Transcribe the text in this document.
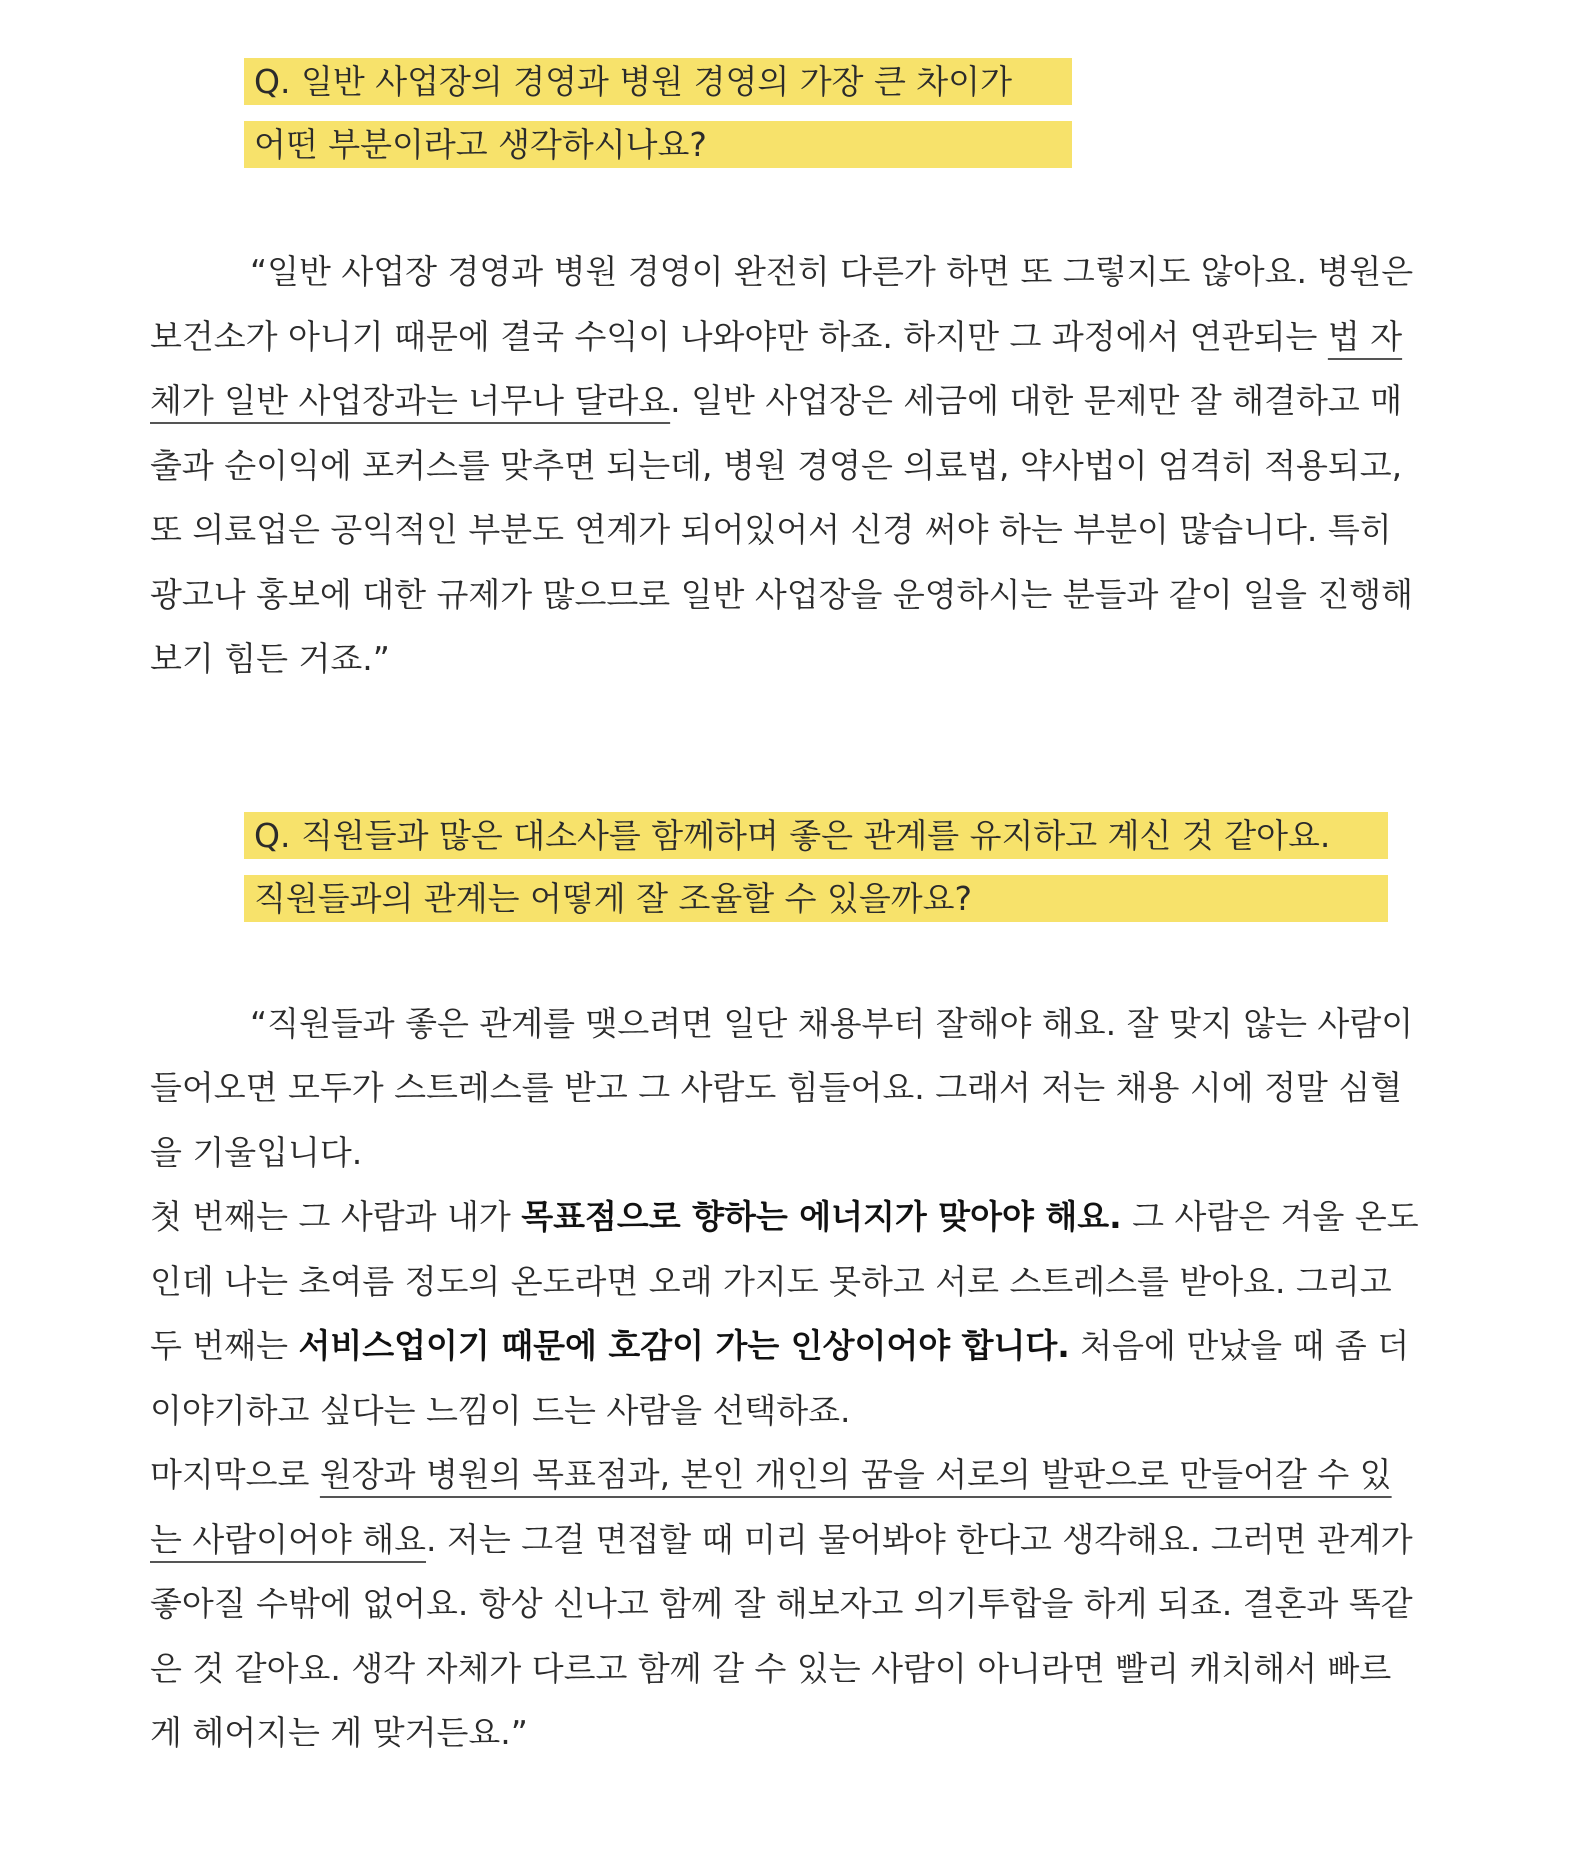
Q. 일반 사업장의 경영과 병원 경영의 가장 큰 차이가
어떤 부분이라고 생각하시나요?
“일반 사업장 경영과 병원 경영이 완전히 다른가 하면 또 그렇지도 않아요. 병원은 보건소가 아니기 때문에 결국 수익이 나와야만 하죠. 하지만 그 과정에서 연관되는 법 자체가 일반 사업장과는 너무나 달라요. 일반 사업장은 세금에 대한 문제만 잘 해결하고 매출과 순이익에 포커스를 맞추면 되는데, 병원 경영은 의료법, 약사법이 엄격히 적용되고, 또 의료업은 공익적인 부분도 연계가 되어있어서 신경 써야 하는 부분이 많습니다. 특히 광고나 홍보에 대한 규제가 많으므로 일반 사업장을 운영하시는 분들과 같이 일을 진행해보기 힘든 거죠.”
Q. 직원들과 많은 대소사를 함께하며 좋은 관계를 유지하고 계신 것 같아요.
직원들과의 관계는 어떻게 잘 조율할 수 있을까요?
“직원들과 좋은 관계를 맺으려면 일단 채용부터 잘해야 해요. 잘 맞지 않는 사람이 들어오면 모두가 스트레스를 받고 그 사람도 힘들어요. 그래서 저는 채용 시에 정말 심혈을 기울입니다.
첫 번째는 그 사람과 내가 목표점으로 향하는 에너지가 맞아야 해요. 그 사람은 겨울 온도인데 나는 초여름 정도의 온도라면 오래 가지도 못하고 서로 스트레스를 받아요. 그리고 두 번째는 서비스업이기 때문에 호감이 가는 인상이어야 합니다. 처음에 만났을 때 좀 더 이야기하고 싶다는 느낌이 드는 사람을 선택하죠.
마지막으로 원장과 병원의 목표점과, 본인 개인의 꿈을 서로의 발판으로 만들어갈 수 있는 사람이어야 해요. 저는 그걸 면접할 때 미리 물어봐야 한다고 생각해요. 그러면 관계가 좋아질 수밖에 없어요. 항상 신나고 함께 잘 해보자고 의기투합을 하게 되죠. 결혼과 똑같은 것 같아요. 생각 자체가 다르고 함께 갈 수 있는 사람이 아니라면 빨리 캐치해서 빠르게 헤어지는 게 맞거든요.”
